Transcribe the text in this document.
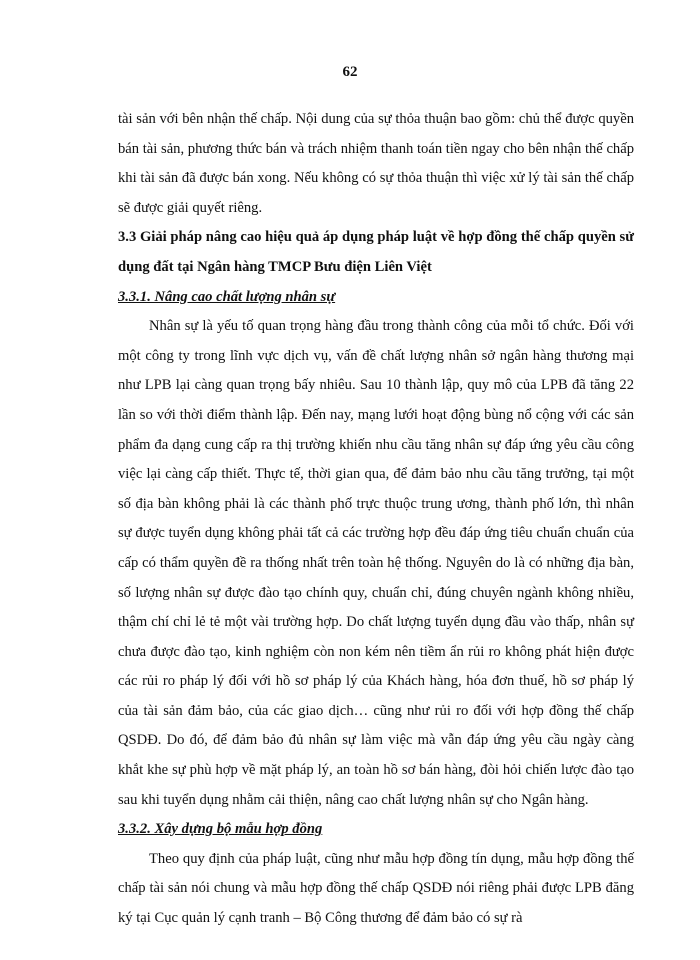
62

tài sản với bên nhận thế chấp. Nội dung của sự thỏa thuận bao gồm: chủ thể được quyền bán tài sản, phương thức bán và trách nhiệm thanh toán tiền ngay cho bên nhận thế chấp khi tài sản đã được bán xong. Nếu không có sự thỏa thuận thì việc xử lý tài sản thế chấp sẽ được giải quyết riêng.

3.3 Giải pháp nâng cao hiệu quả áp dụng pháp luật về hợp đồng thế chấp quyền sử dụng đất tại Ngân hàng TMCP Bưu điện Liên Việt

3.3.1. Nâng cao chất lượng nhân sự

Nhân sự là yếu tố quan trọng hàng đầu trong thành công của mỗi tổ chức. Đối với một công ty trong lĩnh vực dịch vụ, vấn đề chất lượng nhân sở ngân hàng thương mại như LPB lại càng quan trọng bấy nhiêu. Sau 10 thành lập, quy mô của LPB đã tăng 22 lần so với thời điểm thành lập. Đến nay, mạng lưới hoạt động bùng nổ cộng với các sản phẩm đa dạng cung cấp ra thị trường khiến nhu cầu tăng nhân sự đáp ứng yêu cầu công việc lại càng cấp thiết. Thực tế, thời gian qua, để đảm bảo nhu cầu tăng trưởng, tại một số địa bàn không phải là các thành phố trực thuộc trung ương, thành phố lớn, thì nhân sự được tuyển dụng không phải tất cả các trường hợp đều đáp ứng tiêu chuẩn chuẩn của cấp có thẩm quyền đề ra thống nhất trên toàn hệ thống. Nguyên do là có những địa bàn, số lượng nhân sự được đào tạo chính quy, chuẩn chỉ, đúng chuyên ngành không nhiều, thậm chí chỉ lẻ tẻ một vài trường hợp. Do chất lượng tuyển dụng đầu vào thấp, nhân sự chưa được đào tạo, kinh nghiệm còn non kém nên tiềm ẩn rủi ro không phát hiện được các rủi ro pháp lý đối với hồ sơ pháp lý của Khách hàng, hóa đơn thuế, hồ sơ pháp lý của tài sản đảm bảo, của các giao dịch… cũng như rủi ro đối với hợp đồng thế chấp QSDĐ. Do đó, để đảm bảo đủ nhân sự làm việc mà vẫn đáp ứng yêu cầu ngày càng khắt khe sự phù hợp về mặt pháp lý, an toàn hồ sơ bán hàng, đòi hỏi chiến lược đào tạo sau khi tuyển dụng nhằm cải thiện, nâng cao chất lượng nhân sự cho Ngân hàng.

3.3.2. Xây dựng bộ mẫu hợp đồng

Theo quy định của pháp luật, cũng như mẫu hợp đồng tín dụng, mẫu hợp đồng thế chấp tài sản nói chung và mẫu hợp đồng thế chấp QSDĐ nói riêng phải được LPB đăng ký tại Cục quản lý cạnh tranh – Bộ Công thương để đảm bảo có sự rà
